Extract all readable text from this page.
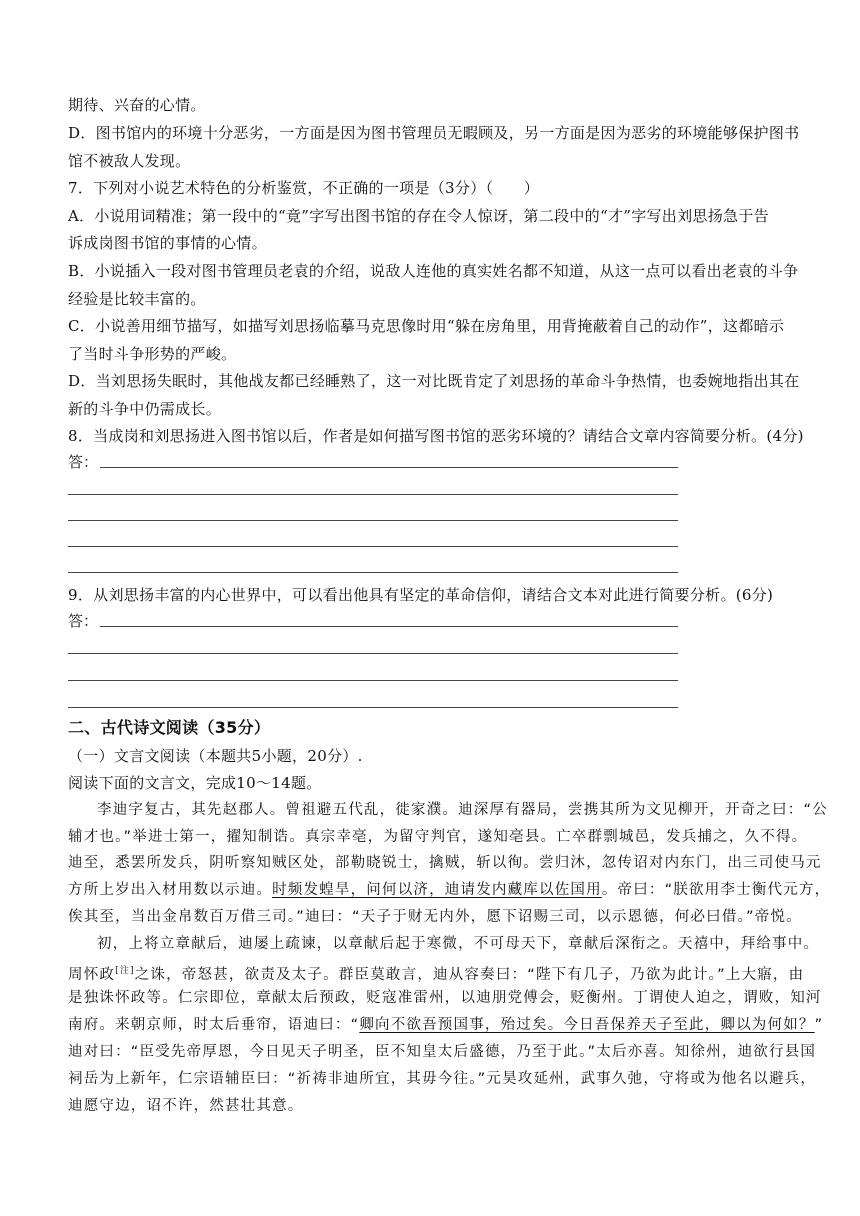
期待、兴奋的心情。
D．图书馆内的环境十分恶劣，一方面是因为图书管理员无暇顾及，另一方面是因为恶劣的环境能够保护图书
馆不被敌人发现。
7．下列对小说艺术特色的分析鉴赏，不正确的一项是（3分）（　　）
A．小说用词精准；第一段中的“竟”字写出图书馆的存在令人惊讶，第二段中的“才”字写出刘思扬急于告
诉成岗图书馆的事情的心情。
B．小说插入一段对图书管理员老袁的介绍，说敌人连他的真实姓名都不知道，从这一点可以看出老袁的斗争
经验是比较丰富的。
C．小说善用细节描写，如描写刘思扬临摹马克思像时用“躲在房角里，用背掩蔽着自己的动作”，这都暗示
了当时斗争形势的严峻。
D．当刘思扬失眠时，其他战友都已经睡熟了，这一对比既肯定了刘思扬的革命斗争热情，也委婉地指出其在
新的斗争中仍需成长。
8．当成岗和刘思扬进入图书馆以后，作者是如何描写图书馆的恶劣环境的？请结合文章内容简要分析。(4分)
答：
9．从刘思扬丰富的内心世界中，可以看出他具有坚定的革命信仰，请结合文本对此进行简要分析。(6分)
答：
二、古代诗文阅读（35分）
（一）文言文阅读（本题共5小题，20分）.
阅读下面的文言文，完成10～14题。
李迪字复古，其先赵郡人。曾祖避五代乱，徙家濮。迪深厚有器局，尝携其所为文见柳开，开奇之曰：“公
辅才也。”举进士第一，擢知制诰。真宗幸亳，为留守判官，遂知亳县。亡卒群剽城邑，发兵捕之，久不得。
迪至，悉罢所发兵，阴听察知贼区处，部勒晓锐士，擒贼，斩以徇。尝归沐，忽传诏对内东门，出三司使马元
方所上岁出入材用数以示迪。时频发蝗旱，问何以济，迪请发内藏库以佐国用。帝曰：“朕欲用李士衡代元方，
俟其至，当出金帛数百万借三司。”迪曰：“天子于财无内外，愿下诏赐三司，以示恩德，何必曰借。”帝悦。
初，上将立章献后，迪屡上疏谏，以章献后起于寒微，不可母天下，章献后深衔之。天禧中，拜给事中。
周怀政[注]之诛，帝怒甚，欲责及太子。群臣莫敢言，迪从容奏曰：“陛下有几子，乃欲为此计。”上大寤，由
是独诛怀政等。仁宗即位，章献太后预政，贬寇准雷州，以迪朋党傅会，贬衡州。丁谓使人迫之，谓败，知河
南府。来朝京师，时太后垂帘，语迪曰：“卿向不欲吾预国事，殆过矣。今日吾保养天子至此，卿以为何如？”
迪对曰：“臣受先帝厚恩，今日见天子明圣，臣不知皇太后盛德，乃至于此。”太后亦喜。知徐州，迪欲行县国
祠岳为上新年，仁宗语辅臣曰：“祈祷非迪所宜，其毋今往。”元昊攻延州，武事久弛，守将或为他名以避兵，
迪愿守边，诏不许，然甚壮其意。
